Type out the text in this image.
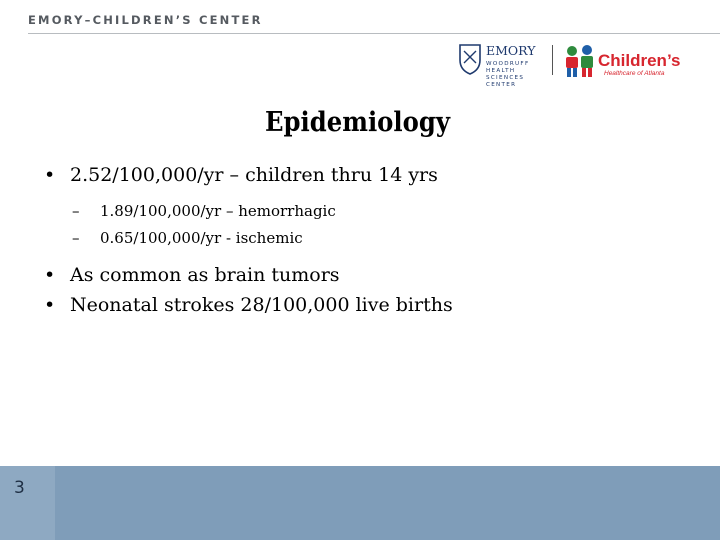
EMORY–CHILDREN’S CENTER
EMORY
WOODRUFF
HEALTH
SCIENCES
CENTER
Children’s
Healthcare of Atlanta
Epidemiology
• 2.52/100,000/yr – children thru 14 yrs
– 1.89/100,000/yr – hemorrhagic
– 0.65/100,000/yr - ischemic
• As common as brain tumors
• Neonatal strokes 28/100,000 live births
3
